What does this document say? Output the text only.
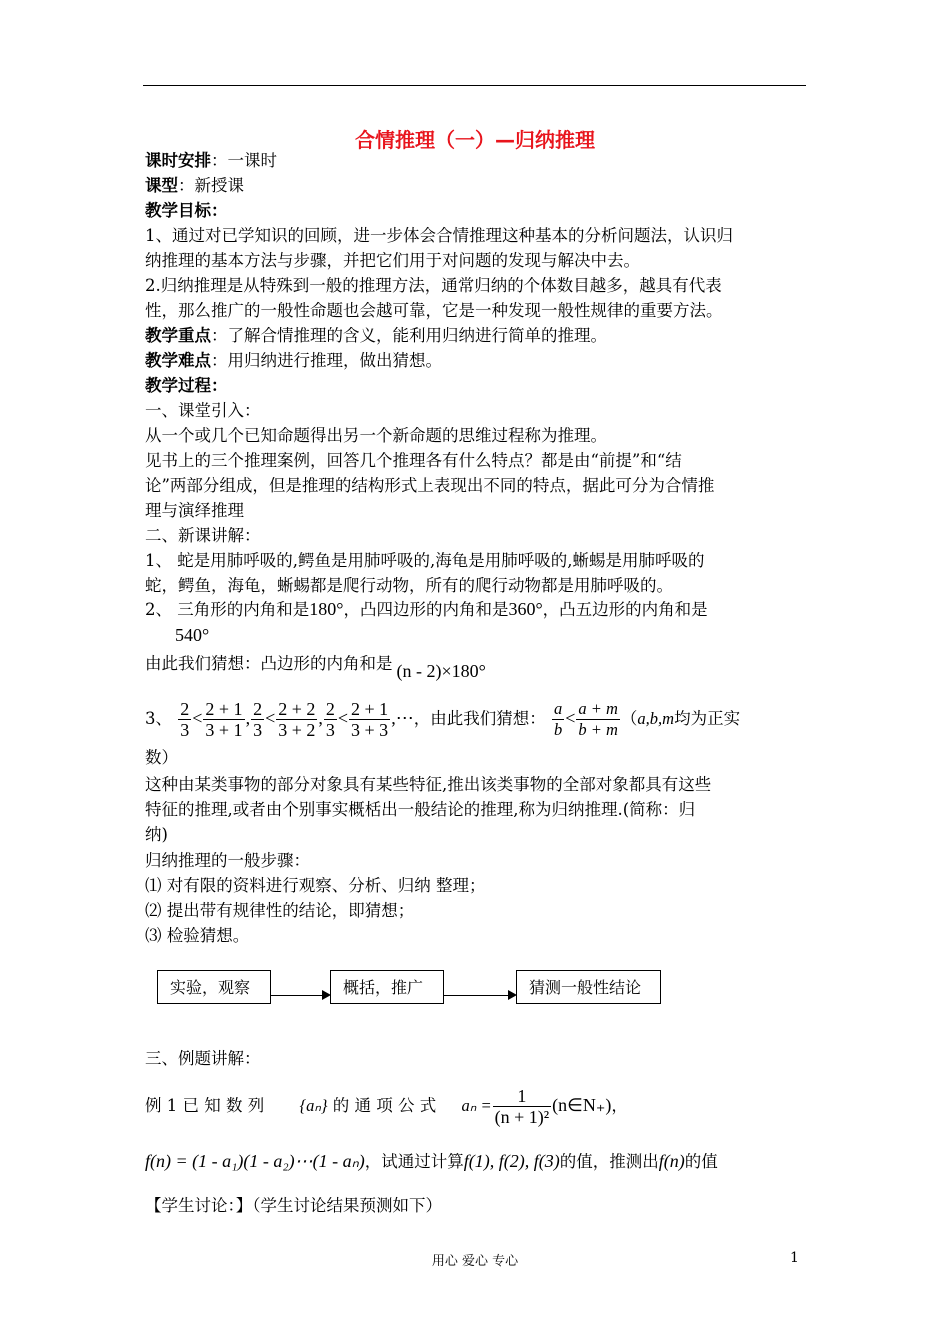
合情推理（一）—归纳推理
课时安排：一课时
课型：新授课
教学目标：
1、通过对已学知识的回顾，进一步体会合情推理这种基本的分析问题法，认识归
纳推理的基本方法与步骤，并把它们用于对问题的发现与解决中去。
2.归纳推理是从特殊到一般的推理方法，通常归纳的个体数目越多，越具有代表
性，那么推广的一般性命题也会越可靠，它是一种发现一般性规律的重要方法。
教学重点：了解合情推理的含义，能利用归纳进行简单的推理。
教学难点：用归纳进行推理，做出猜想。
教学过程：
一、课堂引入：
从一个或几个已知命题得出另一个新命题的思维过程称为推理。
见书上的三个推理案例，回答几个推理各有什么特点？都是由“前提”和“结
论”两部分组成，但是推理的结构形式上表现出不同的特点，据此可分为合情推
理与演绎推理
二、新课讲解：
1、 蛇是用肺呼吸的,鳄鱼是用肺呼吸的,海龟是用肺呼吸的,蜥蜴是用肺呼吸的
蛇，鳄鱼，海龟，蜥蜴都是爬行动物，所有的爬行动物都是用肺呼吸的。
2、 三角形的内角和是180°，凸四边形的内角和是360°，凸五边形的内角和是
540°
由此我们猜想：凸边形的内角和是 (n - 2)×180°
3、 $\frac{2}{3} < \frac{2 + 1}{3 + 1}$ , $\frac{2}{3} < \frac{2 + 2}{3 + 2}$ , $\frac{2}{3} < \frac{2 + 1}{3 + 3}$ ,⋯，由此我们猜想： $\frac{a}{b} < \frac{a + m}{b + m} (a,b,m$均为正实
数）
这种由某类事物的部分对象具有某些特征,推出该类事物的全部对象都具有这些
特征的推理,或者由个别事实概栝出一般结论的推理,称为归纳推理.(简称：归
纳)
归纳推理的一般步骤：
⑴ 对有限的资料进行观察、分析、归纳 整理；
⑵ 提出带有规律性的结论，即猜想；
⑶ 检验猜想。
实验，观察	概括，推广	猜测一般性结论
三、例题讲解：
例 1 已 知 数 列 {aₙ} 的 通 项 公 式 $a_n = \frac{1}{\text{(n + 1)²}}$ (n∈N₊)，
f(n) = (1 - a₁)(1 - a₂)⋯(1 - aₙ)，试通过计算f(1), f(2), f(3)的值，推测出f(n)的值
【学生讨论：】（学生讨论结果预测如下）
用心 爱心 专心	1
